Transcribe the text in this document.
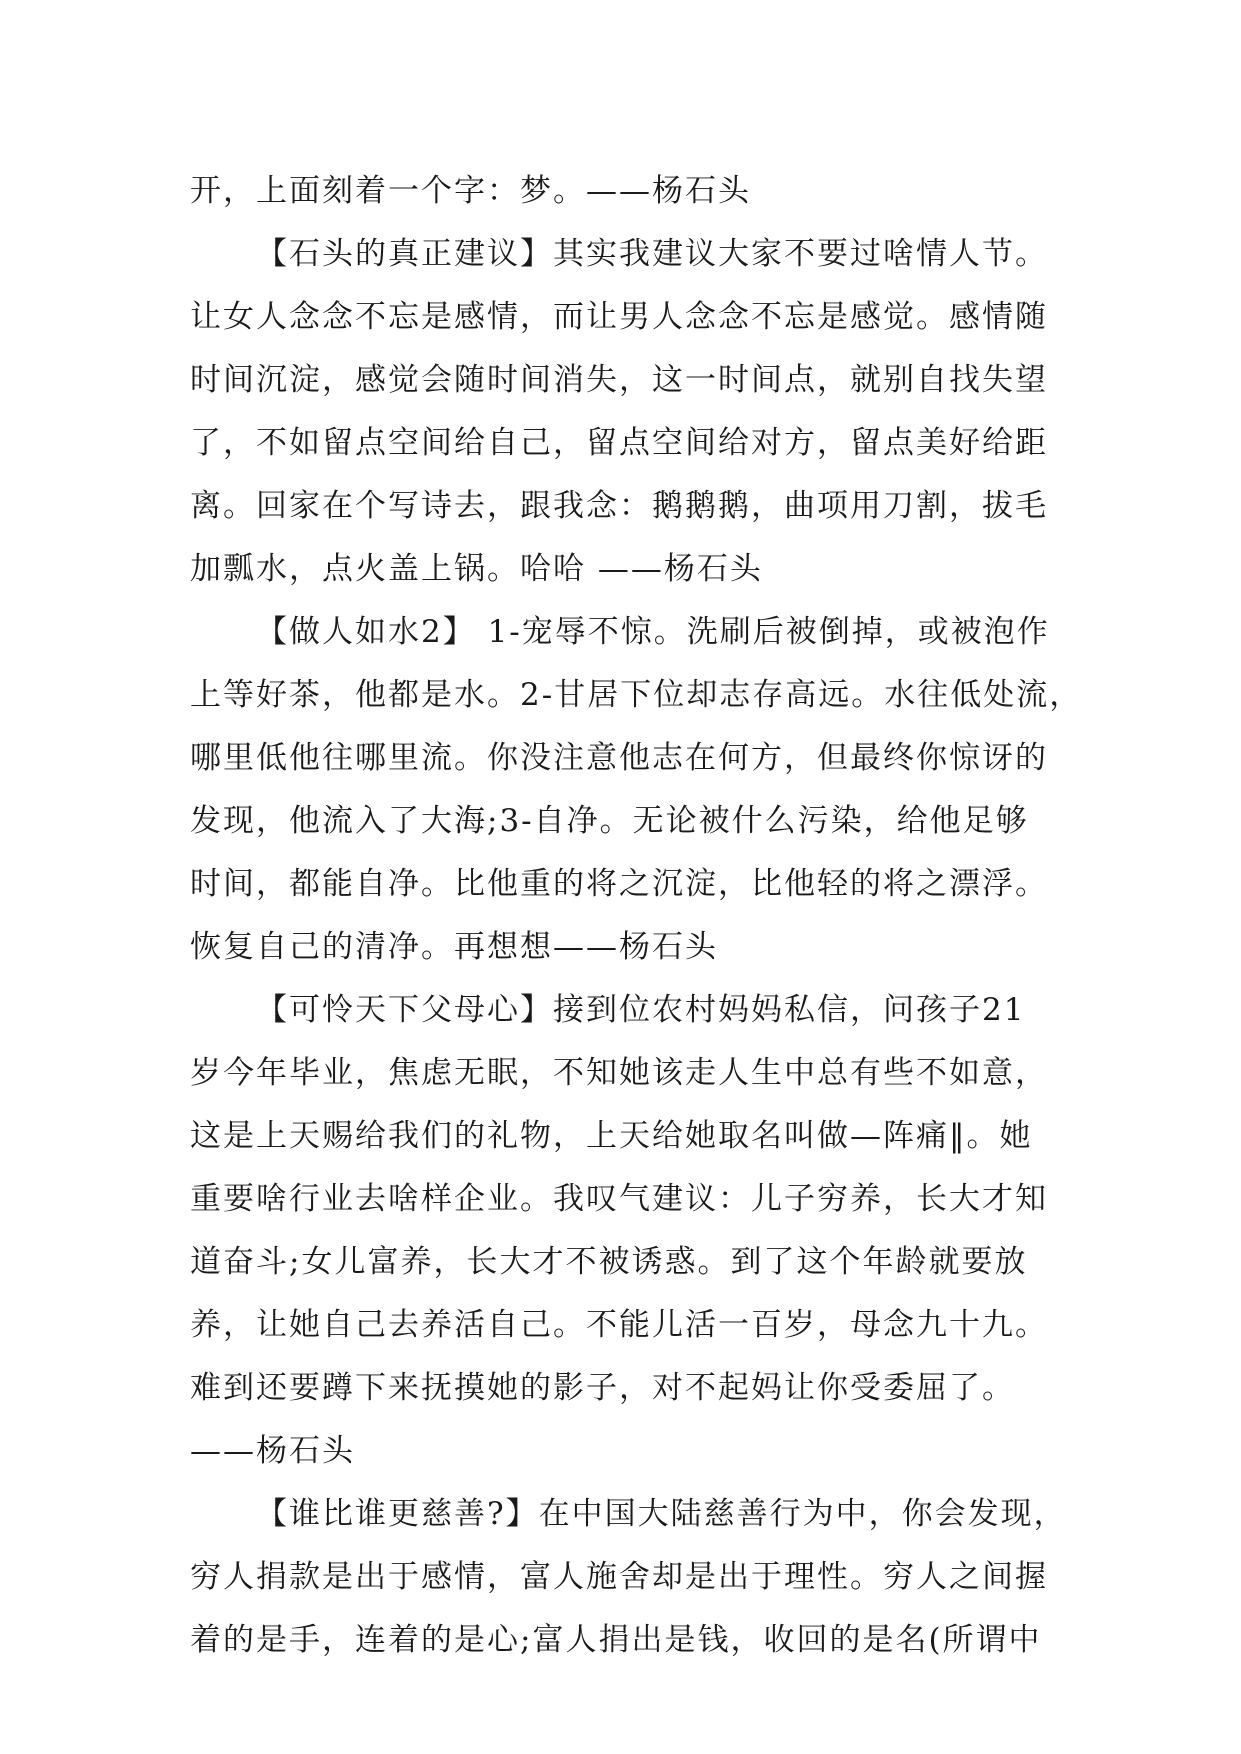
开，上面刻着一个字：梦。——杨石头
【石头的真正建议】其实我建议大家不要过啥情人节。
让女人念念不忘是感情，而让男人念念不忘是感觉。感情随
时间沉淀，感觉会随时间消失，这一时间点，就别自找失望
了，不如留点空间给自己，留点空间给对方，留点美好给距
离。回家在个写诗去，跟我念：鹅鹅鹅，曲项用刀割，拔毛
加瓢水，点火盖上锅。哈哈 ——杨石头
【做人如水2】 1-宠辱不惊。洗刷后被倒掉，或被泡作
上等好茶，他都是水。2-甘居下位却志存高远。水往低处流，
哪里低他往哪里流。你没注意他志在何方，但最终你惊讶的
发现，他流入了大海;3-自净。无论被什么污染，给他足够
时间，都能自净。比他重的将之沉淀，比他轻的将之漂浮。
恢复自己的清净。再想想——杨石头
【可怜天下父母心】接到位农村妈妈私信，问孩子21
岁今年毕业，焦虑无眠，不知她该走人生中总有些不如意，
这是上天赐给我们的礼物，上天给她取名叫做—阵痛‖。她
重要啥行业去啥样企业。我叹气建议：儿子穷养，长大才知
道奋斗;女儿富养，长大才不被诱惑。到了这个年龄就要放
养，让她自己去养活自己。不能儿活一百岁，母念九十九。
难到还要蹲下来抚摸她的影子，对不起妈让你受委屈了。
——杨石头
【谁比谁更慈善?】在中国大陆慈善行为中，你会发现，
穷人捐款是出于感情，富人施舍却是出于理性。穷人之间握
着的是手，连着的是心;富人捐出是钱，收回的是名(所谓中
